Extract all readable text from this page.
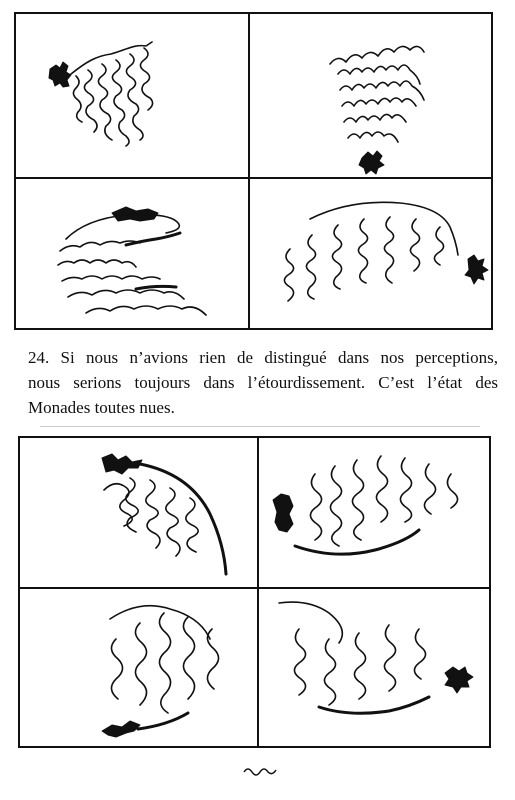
24. Si nous n’avions rien de distingué dans nos perceptions,
nous serions toujours dans l’étourdissement. C’est l’état des
Monades toutes nues.
